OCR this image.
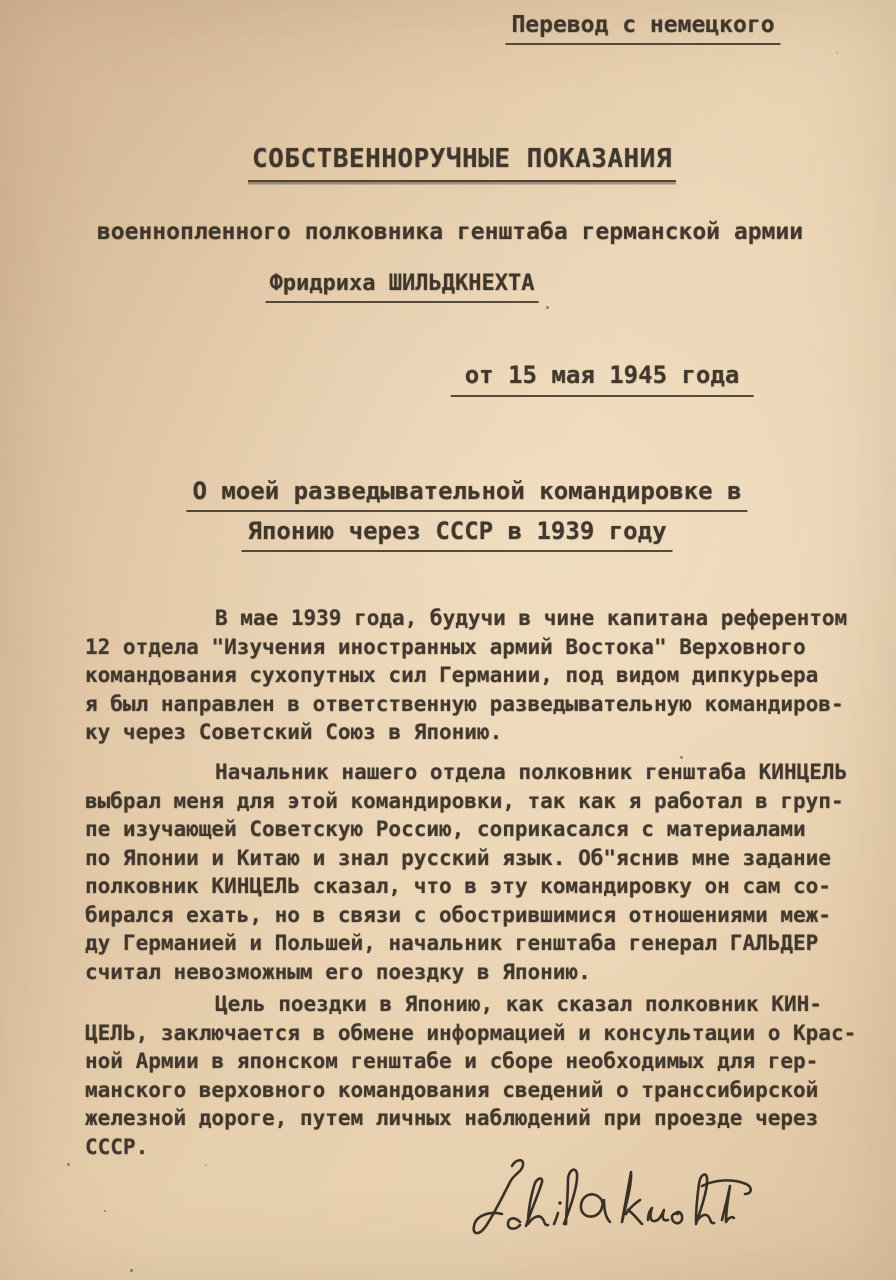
Перевод с немецкого
СОБСТВЕННОРУЧНЫЕ ПОКАЗАНИЯ
военнопленного полковника генштаба германской армии
Фридриха ШИЛЬДКНЕХТА
от 15 мая 1945 года
О моей разведывательной командировке в
Японию через СССР в 1939 году
В мае 1939 года, будучи в чине капитана референтом
12 отдела "Изучения иностранных армий Востока" Верховного
командования сухопутных сил Германии, под видом дипкурьера
я был направлен в ответственную разведывательную командиров-
ку через Советский Союз в Японию.
Начальник нашего отдела полковник генштаба КИНЦЕЛЬ
выбрал меня для этой командировки, так как я работал в груп-
пе изучающей Советскую Россию, соприкасался с материалами
по Японии и Китаю и знал русский язык. Об"яснив мне задание
полковник КИНЦЕЛЬ сказал, что в эту командировку он сам со-
бирался ехать, но в связи с обострившимися отношениями меж-
ду Германией и Польшей, начальник генштаба генерал ГАЛЬДЕР
считал невозможным его поездку в Японию.
Цель поездки в Японию, как сказал полковник КИН-
ЦЕЛЬ, заключается в обмене информацией и консультации о Крас-
ной Армии в японском генштабе и сборе необходимых для гер-
манского верховного командования сведений о транссибирской
железной дороге, путем личных наблюдений при проезде через
СССР.
